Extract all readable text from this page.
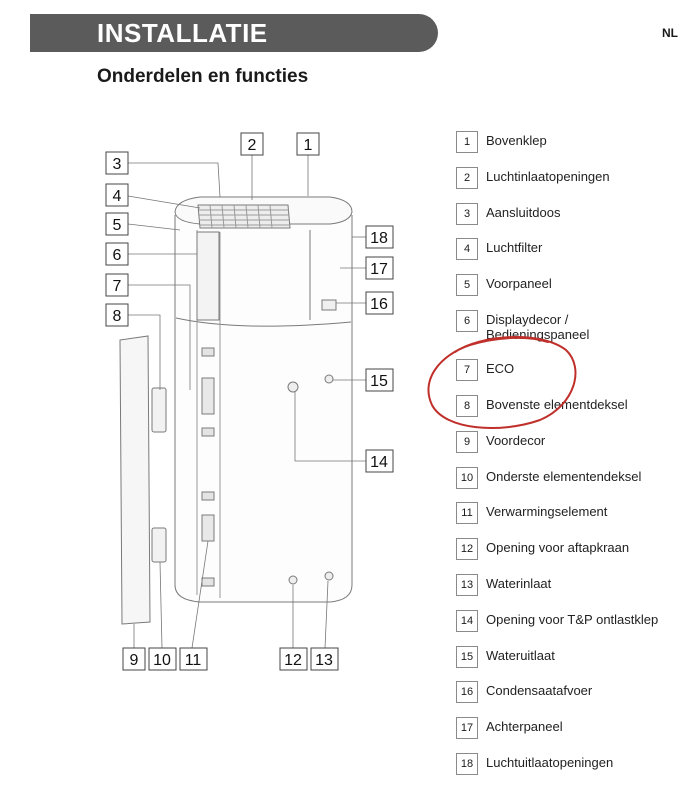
INSTALLATIE	NL
Onderdelen en functies
1
2
3
4
5
6
7
8
9 10 11	12 13
14
15
16
17
18
1	Bovenklep
2	Luchtinlaatopeningen
3	Aansluitdoos
4	Luchtfilter
5	Voorpaneel
6	Displaydecor /
Bedieningspaneel
7	ECO
8	Bovenste elementdeksel
9	Voordecor
10 Onderste elementendeksel
11	Verwarmingselement
12 Opening voor aftapkraan
13 Waterinlaat
14 Opening voor T&P ontlastklep
15 Wateruitlaat
16 Condensaatafvoer
17 Achterpaneel
18 Luchtuitlaatopeningen
